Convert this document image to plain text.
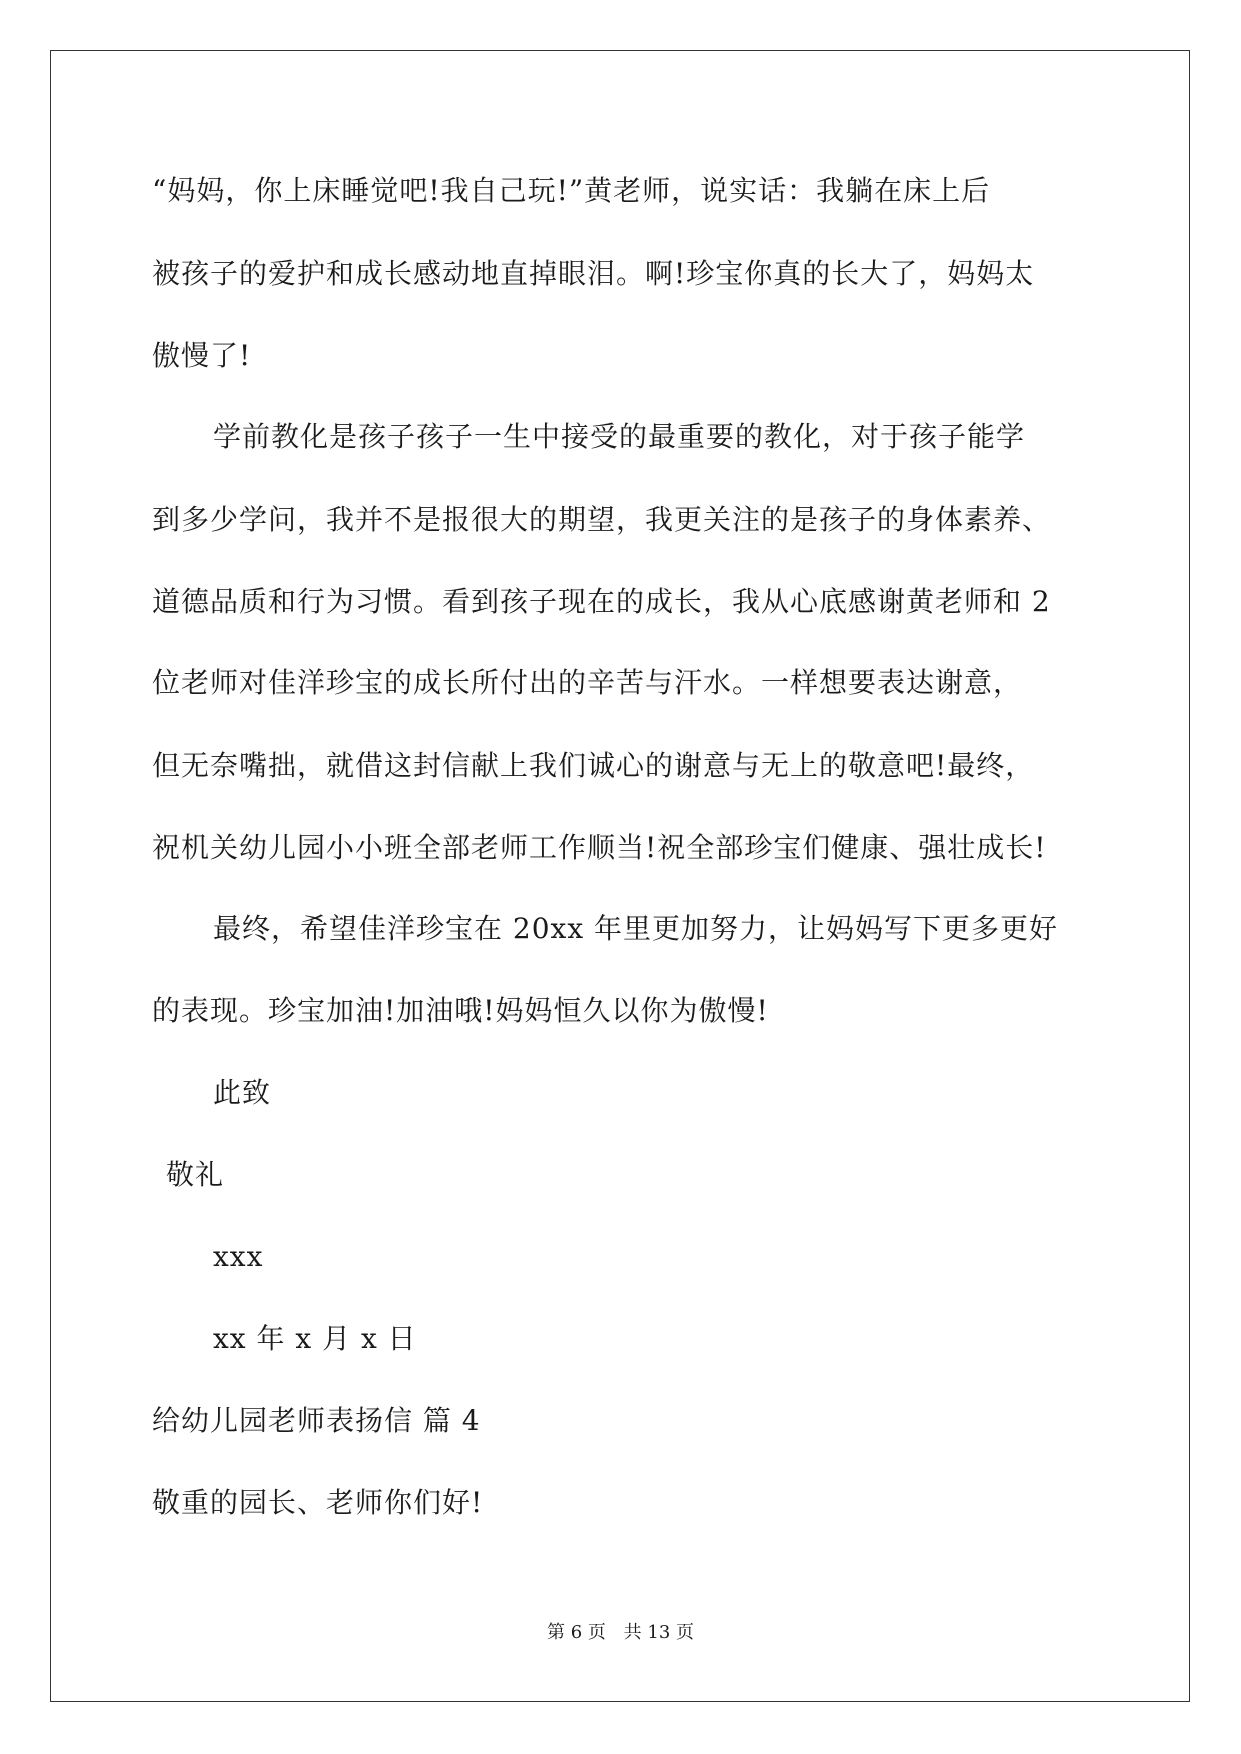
“妈妈，你上床睡觉吧!我自己玩!”黄老师，说实话：我躺在床上后
被孩子的爱护和成长感动地直掉眼泪。啊!珍宝你真的长大了，妈妈太
傲慢了!
学前教化是孩子孩子一生中接受的最重要的教化，对于孩子能学
到多少学问，我并不是报很大的期望，我更关注的是孩子的身体素养、
道德品质和行为习惯。看到孩子现在的成长，我从心底感谢黄老师和 2
位老师对佳洋珍宝的成长所付出的辛苦与汗水。一样想要表达谢意，
但无奈嘴拙，就借这封信献上我们诚心的谢意与无上的敬意吧!最终，
祝机关幼儿园小小班全部老师工作顺当!祝全部珍宝们健康、强壮成长!
最终，希望佳洋珍宝在 20xx 年里更加努力，让妈妈写下更多更好
的表现。珍宝加油!加油哦!妈妈恒久以你为傲慢!
此致
敬礼
xxx
xx 年 x 月 x 日
给幼儿园老师表扬信 篇 4
敬重的园长、老师你们好!
第 6 页 共 13 页
